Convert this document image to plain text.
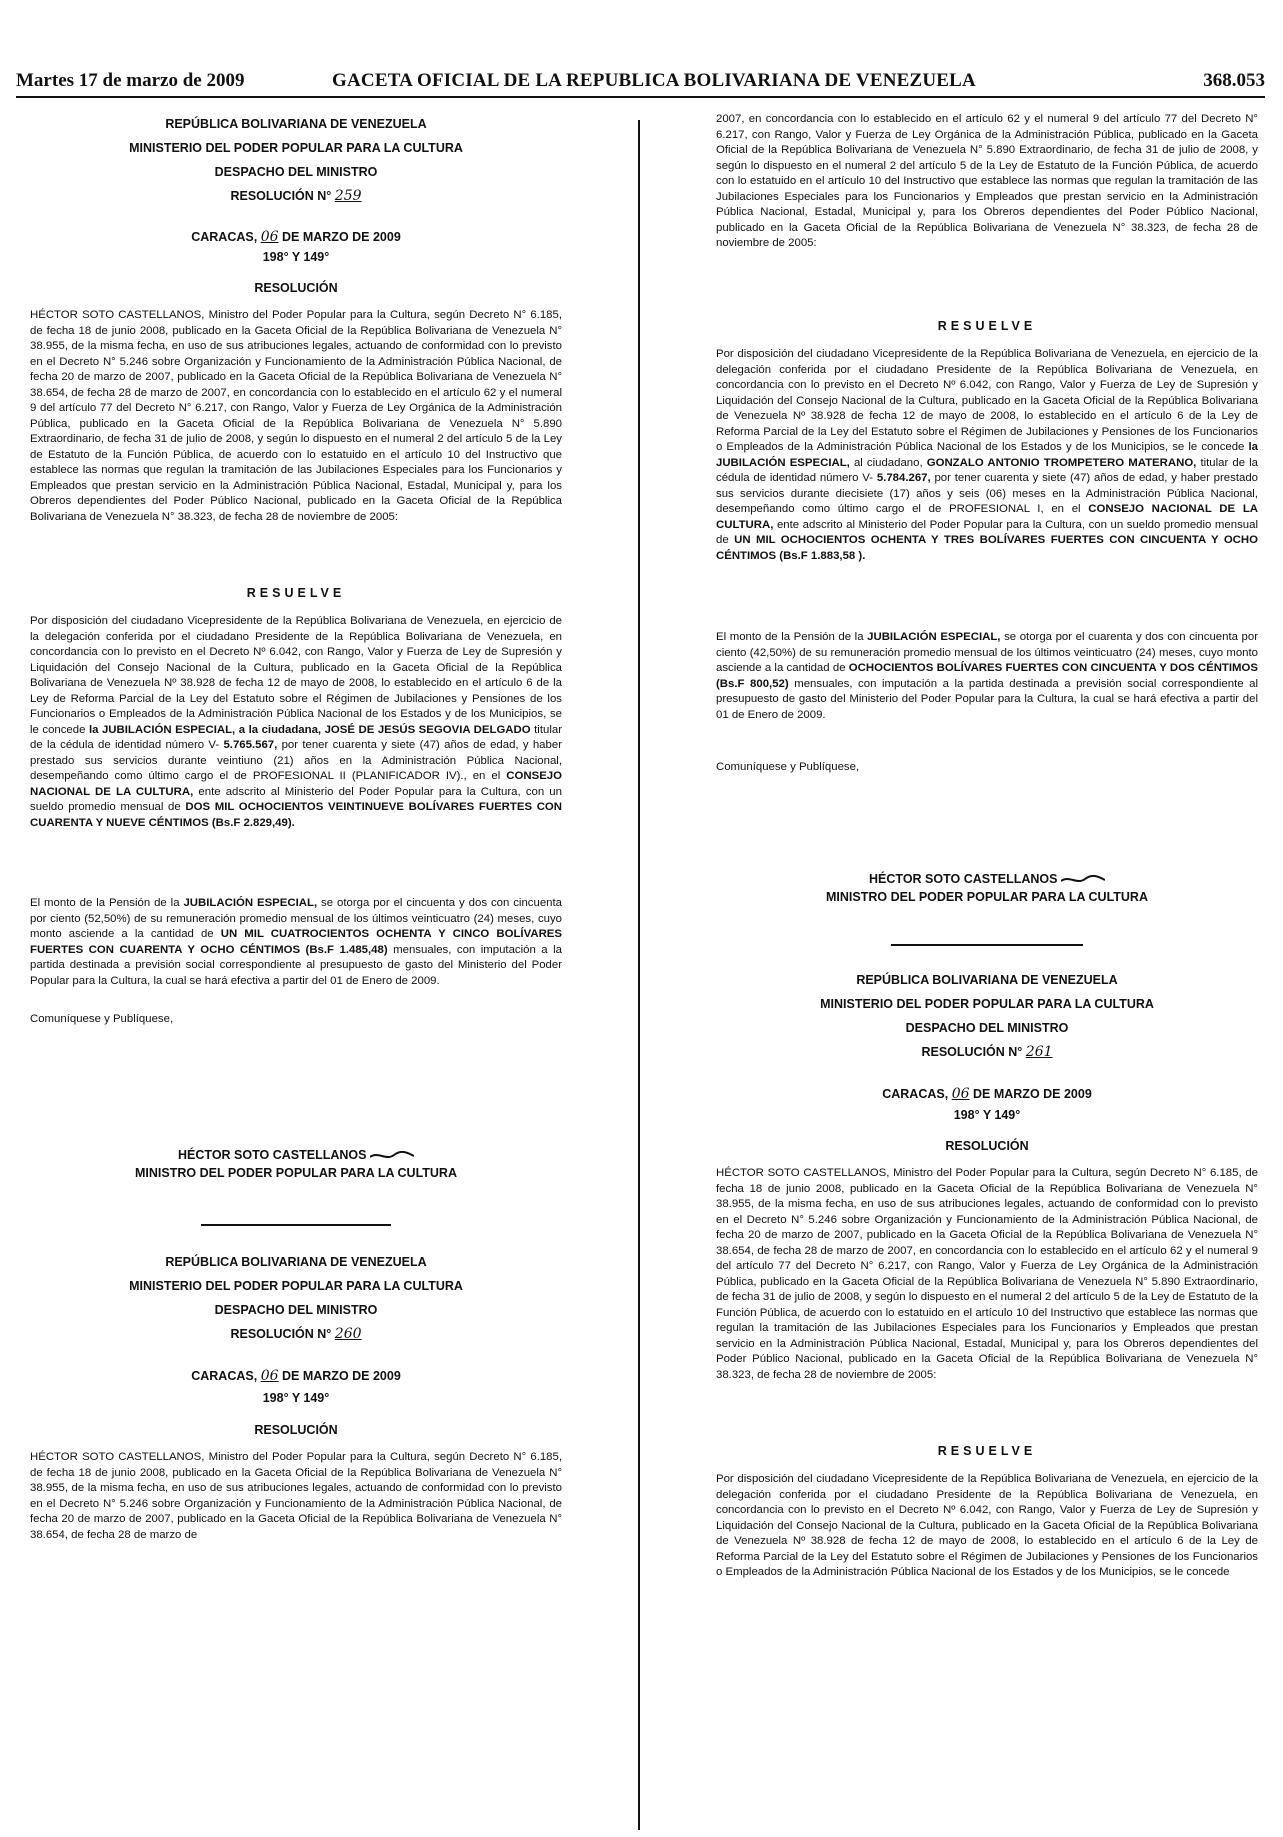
Martes 17 de marzo de 2009	GACETA OFICIAL DE LA REPUBLICA BOLIVARIANA DE VENEZUELA	368.053
REPÚBLICA BOLIVARIANA DE VENEZUELA
MINISTERIO DEL PODER POPULAR PARA LA CULTURA
DESPACHO DEL MINISTRO
RESOLUCIÓN N° 259
CARACAS, 06 DE MARZO DE 2009
198° Y 149°
RESOLUCIÓN
HÉCTOR SOTO CASTELLANOS, Ministro del Poder Popular para la Cultura, según Decreto N° 6.185, de fecha 18 de junio 2008, publicado en la Gaceta Oficial de la República Bolivariana de Venezuela N° 38.955, de la misma fecha, en uso de sus atribuciones legales, actuando de conformidad con lo previsto en el Decreto N° 5.246 sobre Organización y Funcionamiento de la Administración Pública Nacional, de fecha 20 de marzo de 2007, publicado en la Gaceta Oficial de la República Bolivariana de Venezuela N° 38.654, de fecha 28 de marzo de 2007, en concordancia con lo establecido en el artículo 62 y el numeral 9 del artículo 77 del Decreto N° 6.217, con Rango, Valor y Fuerza de Ley Orgánica de la Administración Pública, publicado en la Gaceta Oficial de la República Bolivariana de Venezuela N° 5.890 Extraordinario, de fecha 31 de julio de 2008, y según lo dispuesto en el numeral 2 del artículo 5 de la Ley de Estatuto de la Función Pública, de acuerdo con lo estatuido en el artículo 10 del Instructivo que establece las normas que regulan la tramitación de las Jubilaciones Especiales para los Funcionarios y Empleados que prestan servicio en la Administración Pública Nacional, Estadal, Municipal y, para los Obreros dependientes del Poder Público Nacional, publicado en la Gaceta Oficial de la República Bolivariana de Venezuela N° 38.323, de fecha 28 de noviembre de 2005:
RESUELVE
Por disposición del ciudadano Vicepresidente de la República Bolivariana de Venezuela, en ejercicio de la delegación conferida por el ciudadano Presidente de la República Bolivariana de Venezuela, en concordancia con lo previsto en el Decreto Nº 6.042, con Rango, Valor y Fuerza de Ley de Supresión y Liquidación del Consejo Nacional de la Cultura, publicado en la Gaceta Oficial de la República Bolivariana de Venezuela Nº 38.928 de fecha 12 de mayo de 2008, lo establecido en el artículo 6 de la Ley de Reforma Parcial de la Ley del Estatuto sobre el Régimen de Jubilaciones y Pensiones de los Funcionarios o Empleados de la Administración Pública Nacional de los Estados y de los Municipios, se le concede la JUBILACIÓN ESPECIAL, a la ciudadana, JOSÉ DE JESÚS SEGOVIA DELGADO titular de la cédula de identidad número V- 5.765.567, por tener cuarenta y siete (47) años de edad, y haber prestado sus servicios durante veintiuno (21) años en la Administración Pública Nacional, desempeñando como último cargo el de PROFESIONAL II (PLANIFICADOR IV)., en el CONSEJO NACIONAL DE LA CULTURA, ente adscrito al Ministerio del Poder Popular para la Cultura, con un sueldo promedio mensual de DOS MIL OCHOCIENTOS VEINTINUEVE BOLÍVARES FUERTES CON CUARENTA Y NUEVE CÉNTIMOS (Bs.F 2.829,49).
El monto de la Pensión de la JUBILACIÓN ESPECIAL, se otorga por el cincuenta y dos con cincuenta por ciento (52,50%) de su remuneración promedio mensual de los últimos veinticuatro (24) meses, cuyo monto asciende a la cantidad de UN MIL CUATROCIENTOS OCHENTA Y CINCO BOLÍVARES FUERTES CON CUARENTA Y OCHO CÉNTIMOS (Bs.F 1.485,48) mensuales, con imputación a la partida destinada a previsión social correspondiente al presupuesto de gasto del Ministerio del Poder Popular para la Cultura, la cual se hará efectiva a partir del 01 de Enero de 2009.
Comuníquese y Publíquese,
HÉCTOR SOTO CASTELLANOS
MINISTRO DEL PODER POPULAR PARA LA CULTURA
REPÚBLICA BOLIVARIANA DE VENEZUELA
MINISTERIO DEL PODER POPULAR PARA LA CULTURA
DESPACHO DEL MINISTRO
RESOLUCIÓN N° 260
CARACAS, 06 DE MARZO DE 2009
198° Y 149°
RESOLUCIÓN
HÉCTOR SOTO CASTELLANOS, Ministro del Poder Popular para la Cultura, según Decreto N° 6.185, de fecha 18 de junio 2008, publicado en la Gaceta Oficial de la República Bolivariana de Venezuela N° 38.955, de la misma fecha, en uso de sus atribuciones legales, actuando de conformidad con lo previsto en el Decreto N° 5.246 sobre Organización y Funcionamiento de la Administración Pública Nacional, de fecha 20 de marzo de 2007, publicado en la Gaceta Oficial de la República Bolivariana de Venezuela N° 38.654, de fecha 28 de marzo de
2007, en concordancia con lo establecido en el artículo 62 y el numeral 9 del artículo 77 del Decreto N° 6.217, con Rango, Valor y Fuerza de Ley Orgánica de la Administración Pública, publicado en la Gaceta Oficial de la República Bolivariana de Venezuela N° 5.890 Extraordinario, de fecha 31 de julio de 2008, y según lo dispuesto en el numeral 2 del artículo 5 de la Ley de Estatuto de la Función Pública, de acuerdo con lo estatuido en el artículo 10 del Instructivo que establece las normas que regulan la tramitación de las Jubilaciones Especiales para los Funcionarios y Empleados que prestan servicio en la Administración Pública Nacional, Estadal, Municipal y, para los Obreros dependientes del Poder Público Nacional, publicado en la Gaceta Oficial de la República Bolivariana de Venezuela N° 38.323, de fecha 28 de noviembre de 2005:
RESUELVE
Por disposición del ciudadano Vicepresidente de la República Bolivariana de Venezuela, en ejercicio de la delegación conferida por el ciudadano Presidente de la República Bolivariana de Venezuela, en concordancia con lo previsto en el Decreto Nº 6.042, con Rango, Valor y Fuerza de Ley de Supresión y Liquidación del Consejo Nacional de la Cultura, publicado en la Gaceta Oficial de la República Bolivariana de Venezuela Nº 38.928 de fecha 12 de mayo de 2008, lo establecido en el artículo 6 de la Ley de Reforma Parcial de la Ley del Estatuto sobre el Régimen de Jubilaciones y Pensiones de los Funcionarios o Empleados de la Administración Pública Nacional de los Estados y de los Municipios, se le concede la JUBILACIÓN ESPECIAL, al ciudadano, GONZALO ANTONIO TROMPETERO MATERANO, titular de la cédula de identidad número V- 5.784.267, por tener cuarenta y siete (47) años de edad, y haber prestado sus servicios durante diecisiete (17) años y seis (06) meses en la Administración Pública Nacional, desempeñando como último cargo el de PROFESIONAL I, en el CONSEJO NACIONAL DE LA CULTURA, ente adscrito al Ministerio del Poder Popular para la Cultura, con un sueldo promedio mensual de UN MIL OCHOCIENTOS OCHENTA Y TRES BOLÍVARES FUERTES CON CINCUENTA Y OCHO CÉNTIMOS (Bs.F 1.883,58 ).
El monto de la Pensión de la JUBILACIÓN ESPECIAL, se otorga por el cuarenta y dos con cincuenta por ciento (42,50%) de su remuneración promedio mensual de los últimos veinticuatro (24) meses, cuyo monto asciende a la cantidad de OCHOCIENTOS BOLÍVARES FUERTES CON CINCUENTA Y DOS CÉNTIMOS (Bs.F 800,52) mensuales, con imputación a la partida destinada a previsión social correspondiente al presupuesto de gasto del Ministerio del Poder Popular para la Cultura, la cual se hará efectiva a partir del 01 de Enero de 2009.
Comuníquese y Publíquese,
HÉCTOR SOTO CASTELLANOS
MINISTRO DEL PODER POPULAR PARA LA CULTURA
REPÚBLICA BOLIVARIANA DE VENEZUELA
MINISTERIO DEL PODER POPULAR PARA LA CULTURA
DESPACHO DEL MINISTRO
RESOLUCIÓN N° 261
CARACAS, 06 DE MARZO DE 2009
198° Y 149°
RESOLUCIÓN
HÉCTOR SOTO CASTELLANOS, Ministro del Poder Popular para la Cultura, según Decreto N° 6.185, de fecha 18 de junio 2008, publicado en la Gaceta Oficial de la República Bolivariana de Venezuela N° 38.955, de la misma fecha, en uso de sus atribuciones legales, actuando de conformidad con lo previsto en el Decreto N° 5.246 sobre Organización y Funcionamiento de la Administración Pública Nacional, de fecha 20 de marzo de 2007, publicado en la Gaceta Oficial de la República Bolivariana de Venezuela N° 38.654, de fecha 28 de marzo de 2007, en concordancia con lo establecido en el artículo 62 y el numeral 9 del artículo 77 del Decreto N° 6.217, con Rango, Valor y Fuerza de Ley Orgánica de la Administración Pública, publicado en la Gaceta Oficial de la República Bolivariana de Venezuela N° 5.890 Extraordinario, de fecha 31 de julio de 2008, y según lo dispuesto en el numeral 2 del artículo 5 de la Ley de Estatuto de la Función Pública, de acuerdo con lo estatuido en el artículo 10 del Instructivo que establece las normas que regulan la tramitación de las Jubilaciones Especiales para los Funcionarios y Empleados que prestan servicio en la Administración Pública Nacional, Estadal, Municipal y, para los Obreros dependientes del Poder Público Nacional, publicado en la Gaceta Oficial de la República Bolivariana de Venezuela N° 38.323, de fecha 28 de noviembre de 2005:
RESUELVE
Por disposición del ciudadano Vicepresidente de la República Bolivariana de Venezuela, en ejercicio de la delegación conferida por el ciudadano Presidente de la República Bolivariana de Venezuela, en concordancia con lo previsto en el Decreto Nº 6.042, con Rango, Valor y Fuerza de Ley de Supresión y Liquidación del Consejo Nacional de la Cultura, publicado en la Gaceta Oficial de la República Bolivariana de Venezuela Nº 38.928 de fecha 12 de mayo de 2008, lo establecido en el artículo 6 de la Ley de Reforma Parcial de la Ley del Estatuto sobre el Régimen de Jubilaciones y Pensiones de los Funcionarios o Empleados de la Administración Pública Nacional de los Estados y de los Municipios, se le concede
